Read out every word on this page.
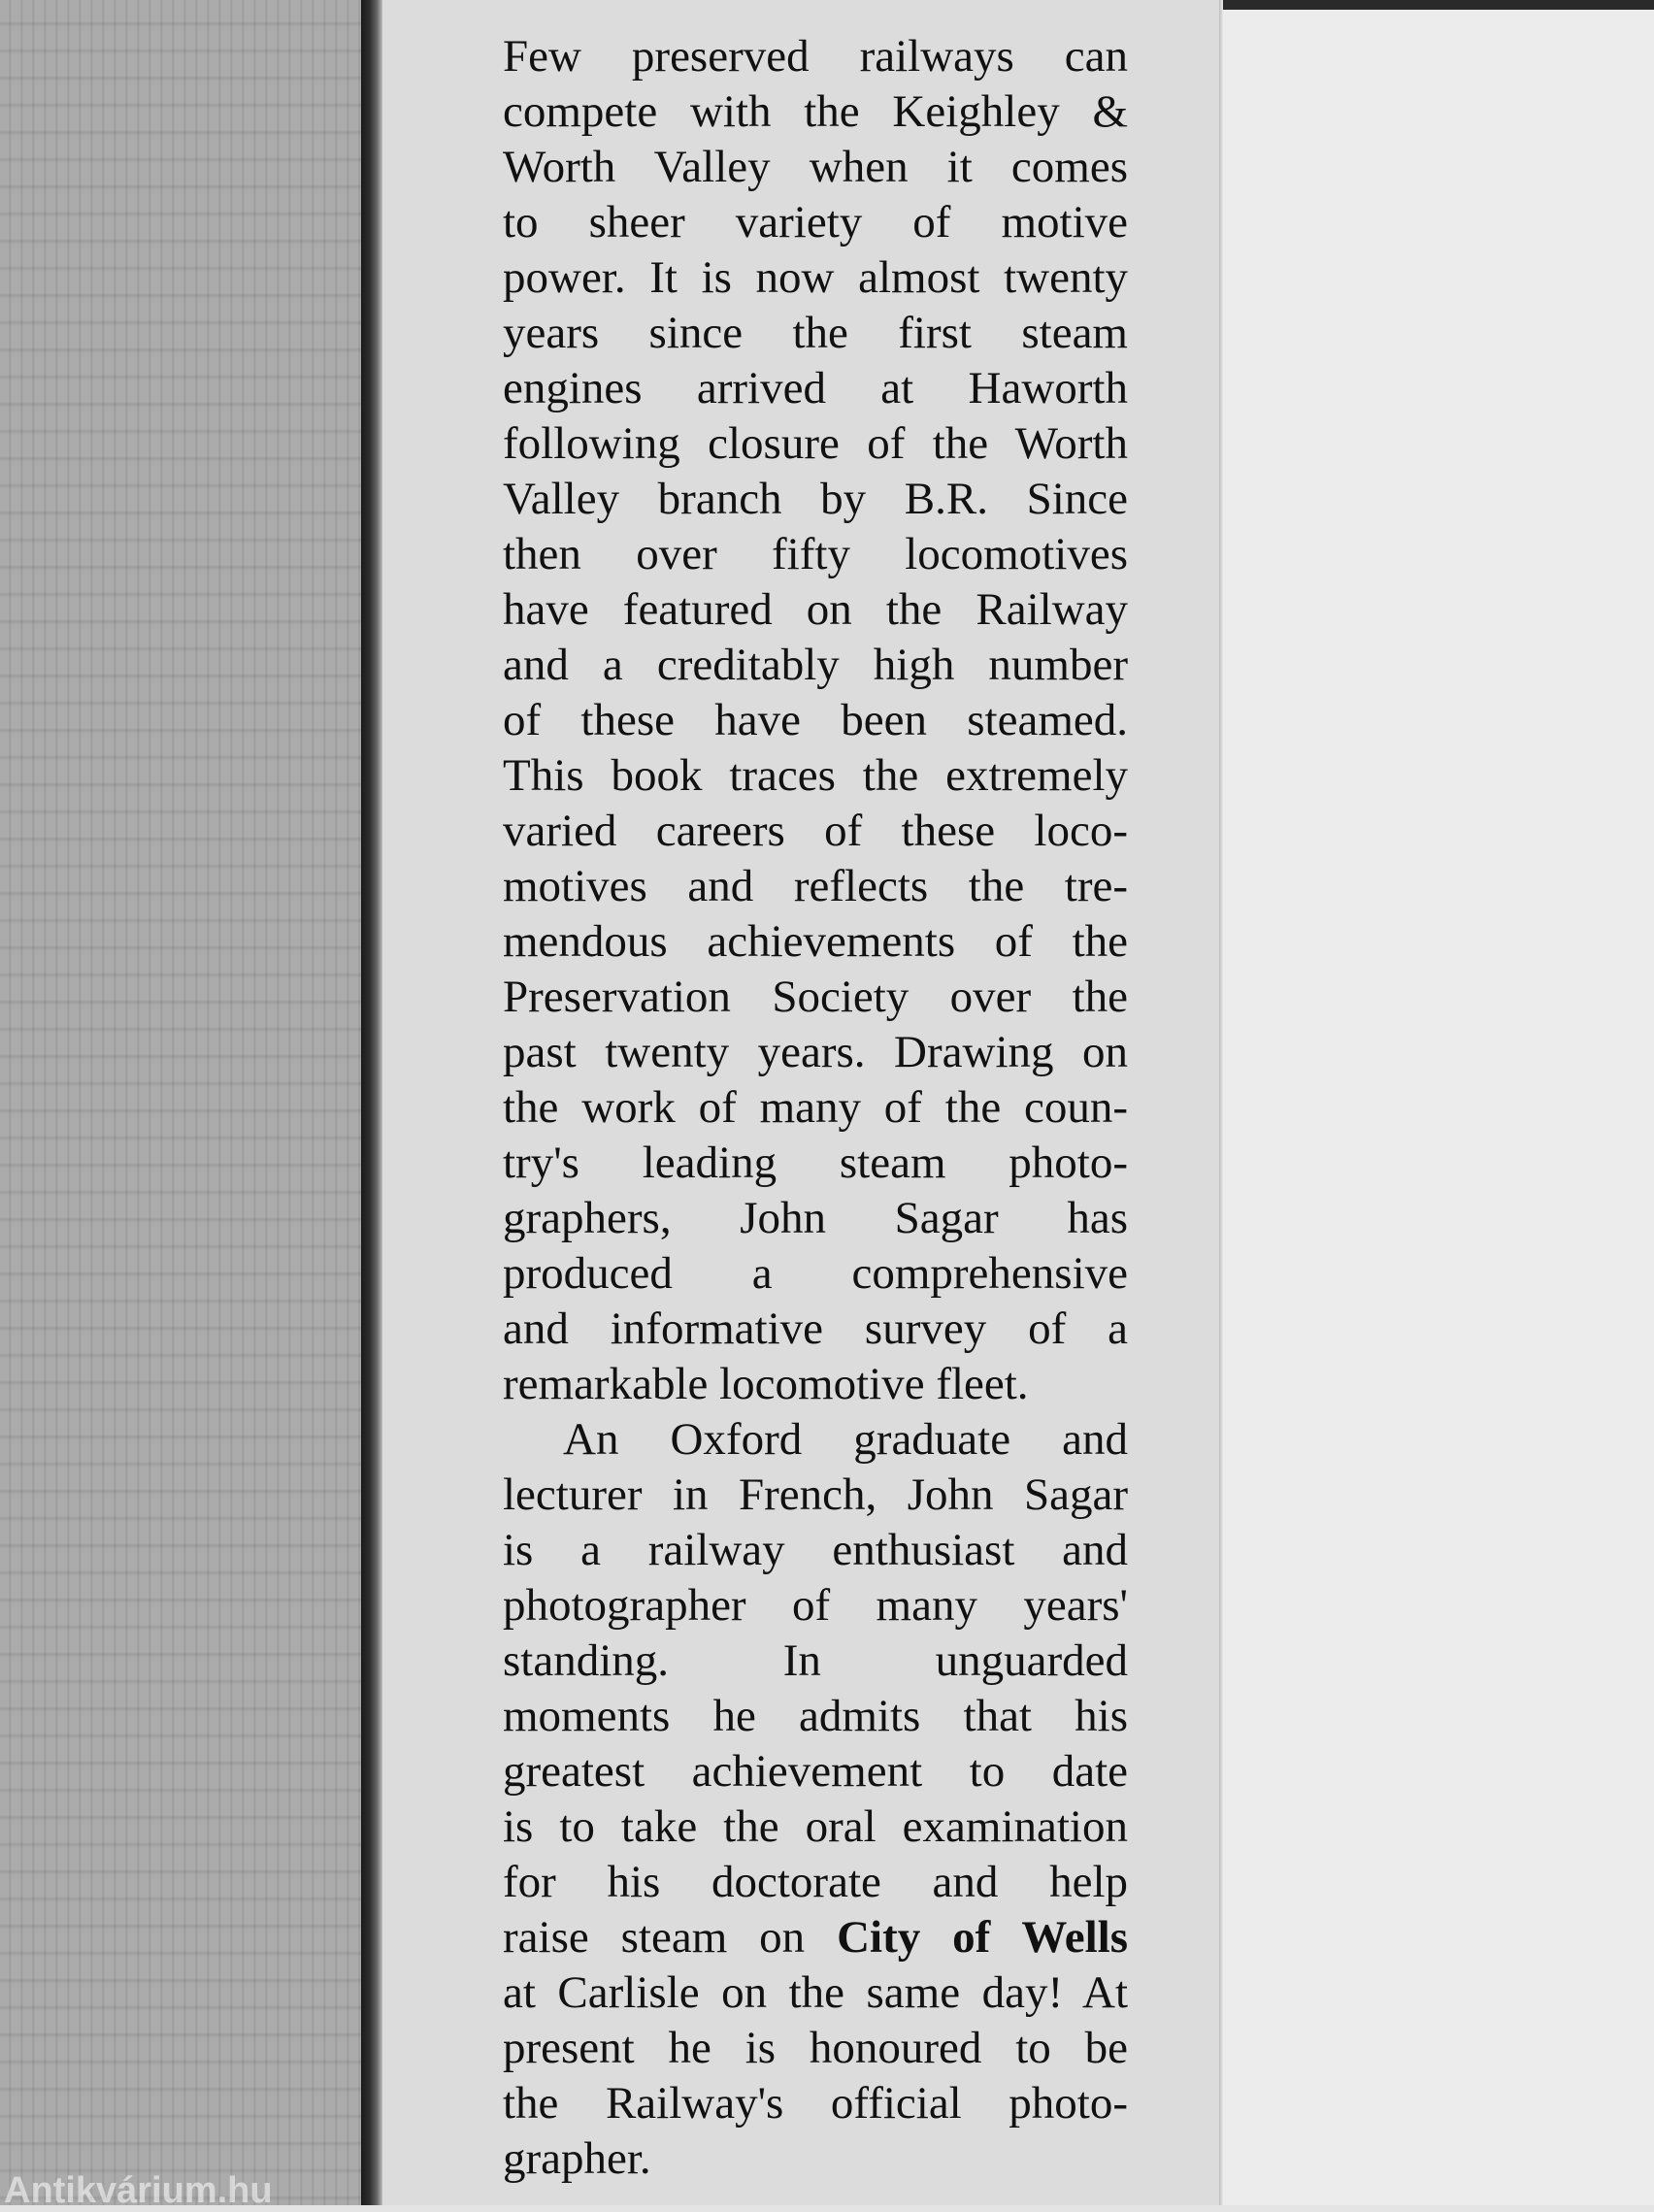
Few preserved railways can
compete with the Keighley &
Worth Valley when it comes
to sheer variety of motive
power. It is now almost twenty
years since the first steam
engines arrived at Haworth
following closure of the Worth
Valley branch by B.R. Since
then over fifty locomotives
have featured on the Railway
and a creditably high number
of these have been steamed.
This book traces the extremely
varied careers of these loco-
motives and reflects the tre-
mendous achievements of the
Preservation Society over the
past twenty years. Drawing on
the work of many of the coun-
try's leading steam photo-
graphers, John Sagar has
produced a comprehensive
and informative survey of a
remarkable locomotive fleet.
An Oxford graduate and
lecturer in French, John Sagar
is a railway enthusiast and
photographer of many years'
standing. In unguarded
moments he admits that his
greatest achievement to date
is to take the oral examination
for his doctorate and help
raise steam on City of Wells
at Carlisle on the same day! At
present he is honoured to be
the Railway's official photo-
grapher.
Antikvárium.hu
